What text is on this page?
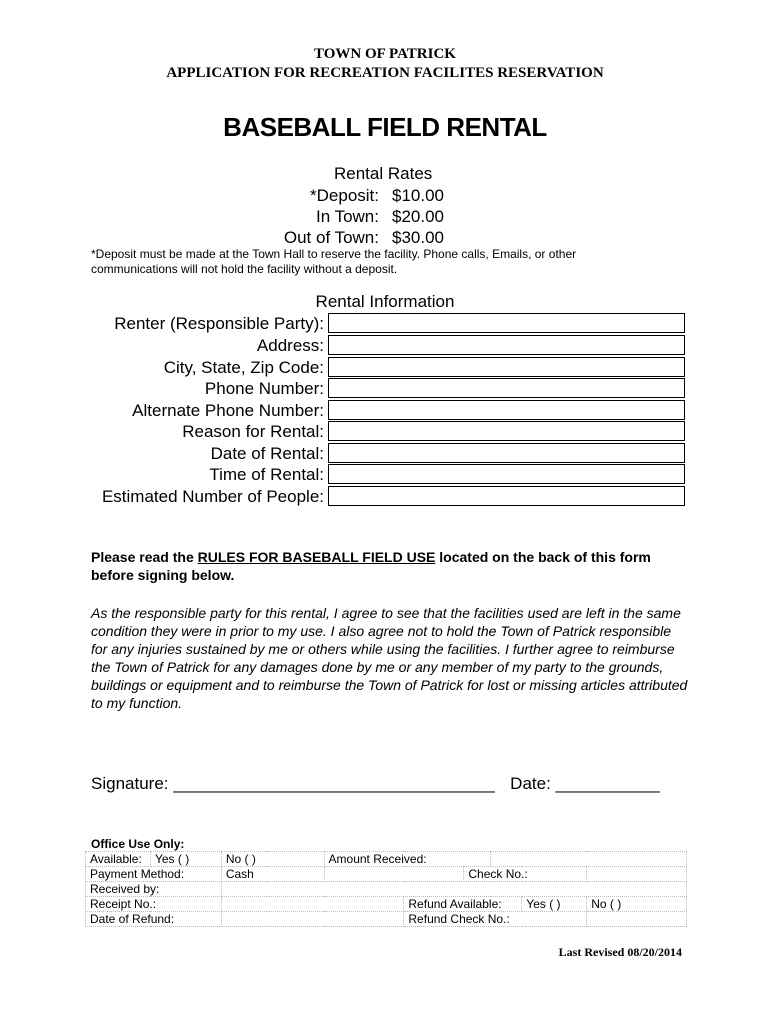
TOWN OF PATRICK
APPLICATION FOR RECREATION FACILITES RESERVATION
BASEBALL FIELD RENTAL
Rental Rates
*Deposit: $10.00
In Town: $20.00
Out of Town: $30.00
*Deposit must be made at the Town Hall to reserve the facility. Phone calls, Emails, or other communications will not hold the facility without a deposit.
Rental Information
Renter (Responsible Party):
Address:
City, State, Zip Code:
Phone Number:
Alternate Phone Number:
Reason for Rental:
Date of Rental:
Time of Rental:
Estimated Number of People:
Please read the RULES FOR BASEBALL FIELD USE located on the back of this form before signing below.
As the responsible party for this rental, I agree to see that the facilities used are left in the same condition they were in prior to my use. I also agree not to hold the Town of Patrick responsible for any injuries sustained by me or others while using the facilities. I further agree to reimburse the Town of Patrick for any damages done by me or any member of my party to the grounds, buildings or equipment and to reimburse the Town of Patrick for lost or missing articles attributed to my function.
Signature: __________________________________ Date: ___________
Office Use Only:
Available:	Yes ( )	No ( )	Amount Received:					
Payment Method:		Cash			Check No.:			
Received by:								
Receipt No.:				Refund Available:			Yes ( )	No ( )
Date of Refund:				Refund Check No.:				
Last Revised 08/20/2014
